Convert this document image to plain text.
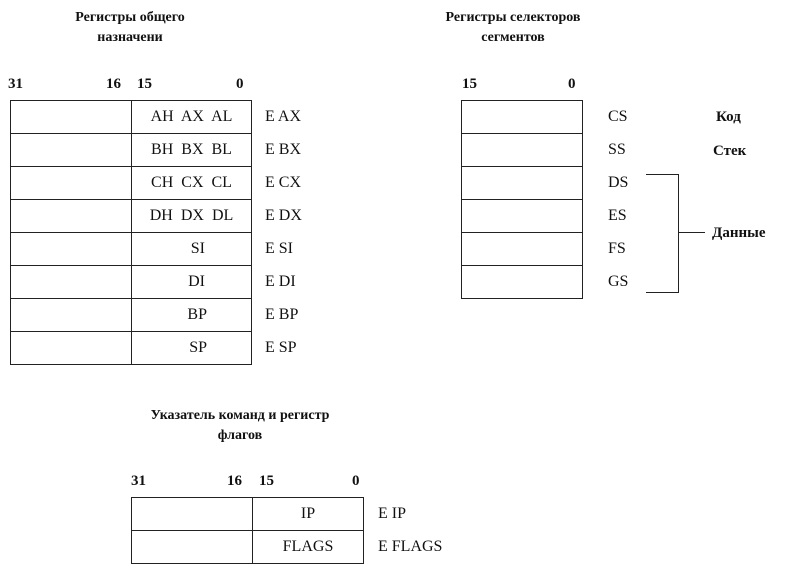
Регистры общего
назначени
31	16 15	0
AH  AX  AL	E AX
BH  BX  BL	E BX
CH  CX  CL	E CX
DH  DX  DL	E DX
SI	E SI
DI	E DI
BP	E BP
SP	E SP
Регистры селекторов
сегментов
15	0
CS
SS
DS
ES
FS
GS
Код
Стек
Данные
Указатель команд и регистр
флагов
31	16 15	0
IP	E IP
FLAGS	E FLAGS
